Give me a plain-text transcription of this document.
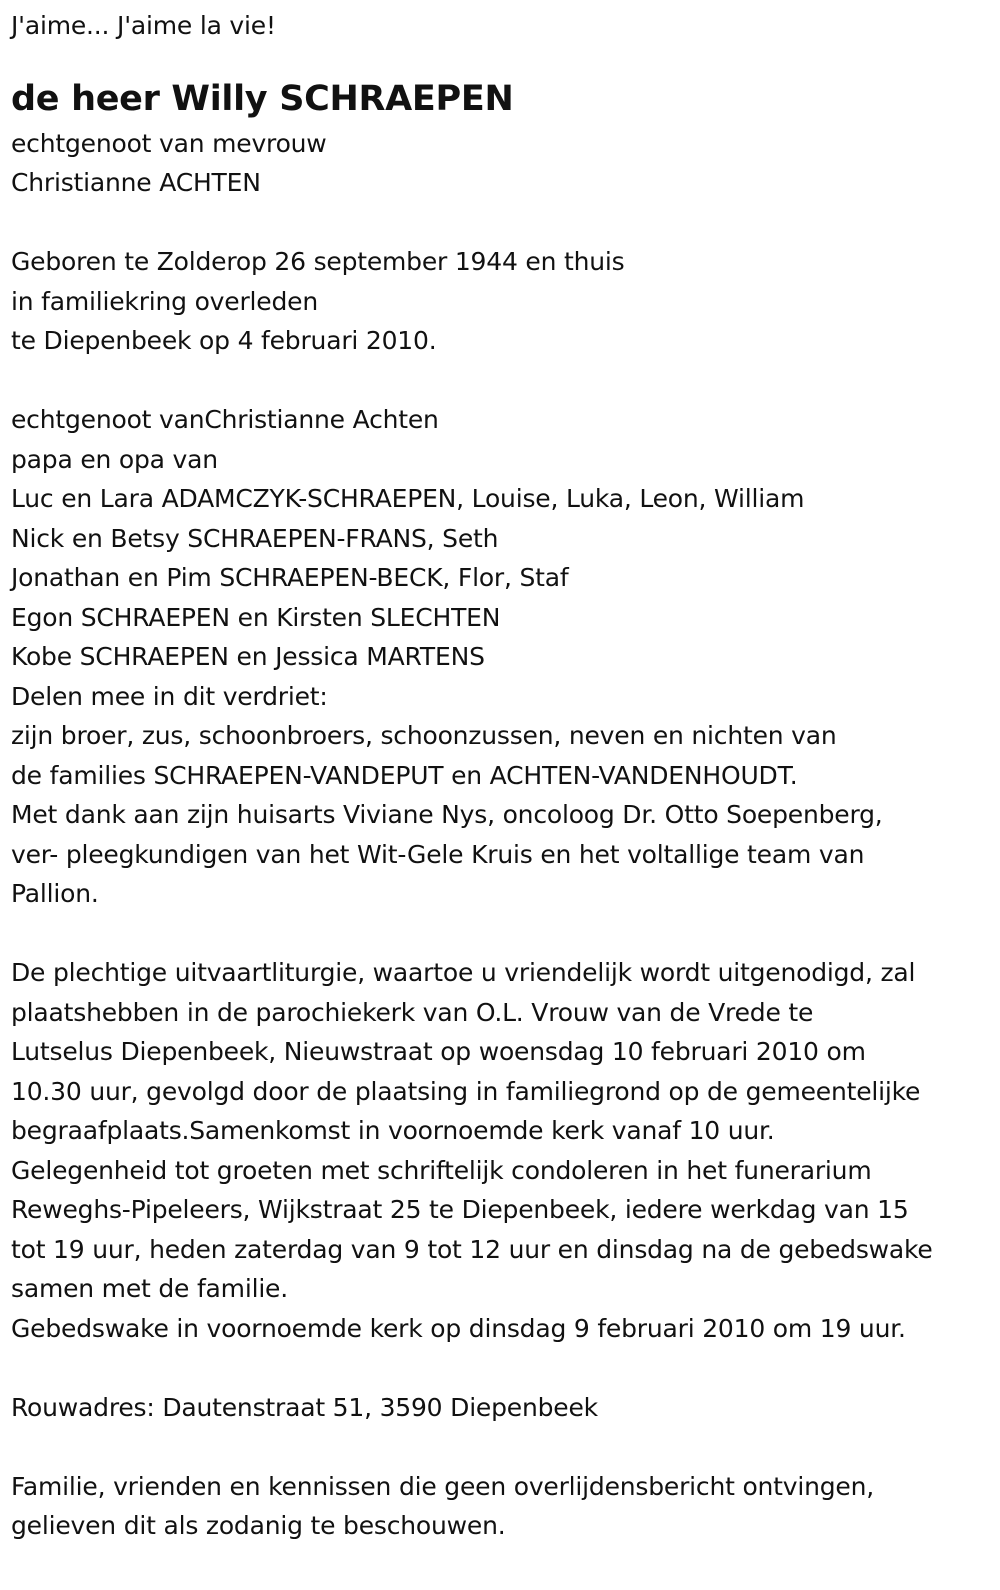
J'aime... J'aime la vie!
de heer Willy SCHRAEPEN
echtgenoot van mevrouw
Christianne ACHTEN
Geboren te Zolderop 26 september 1944 en thuis
in familiekring overleden
te Diepenbeek op 4 februari 2010.
echtgenoot vanChristianne Achten
papa en opa van
Luc en Lara ADAMCZYK-SCHRAEPEN, Louise, Luka, Leon, William
Nick en Betsy SCHRAEPEN-FRANS, Seth
Jonathan en Pim SCHRAEPEN-BECK, Flor, Staf
Egon SCHRAEPEN en Kirsten SLECHTEN
Kobe SCHRAEPEN en Jessica MARTENS
Delen mee in dit verdriet:
zijn broer, zus, schoonbroers, schoonzussen, neven en nichten van
de families SCHRAEPEN-VANDEPUT en ACHTEN-VANDENHOUDT.
Met dank aan zijn huisarts Viviane Nys, oncoloog Dr. Otto Soepenberg,
ver- pleegkundigen van het Wit-Gele Kruis en het voltallige team van
Pallion.
De plechtige uitvaartliturgie, waartoe u vriendelijk wordt uitgenodigd, zal
plaatshebben in de parochiekerk van O.L. Vrouw van de Vrede te
Lutselus Diepenbeek, Nieuwstraat op woensdag 10 februari 2010 om
10.30 uur, gevolgd door de plaatsing in familiegrond op de gemeentelijke
begraafplaats.Samenkomst in voornoemde kerk vanaf 10 uur.
Gelegenheid tot groeten met schriftelijk condoleren in het funerarium
Reweghs-Pipeleers, Wijkstraat 25 te Diepenbeek, iedere werkdag van 15
tot 19 uur, heden zaterdag van 9 tot 12 uur en dinsdag na de gebedswake
samen met de familie.
Gebedswake in voornoemde kerk op dinsdag 9 februari 2010 om 19 uur.
Rouwadres: Dautenstraat 51, 3590 Diepenbeek
Familie, vrienden en kennissen die geen overlijdensbericht ontvingen,
gelieven dit als zodanig te beschouwen.
